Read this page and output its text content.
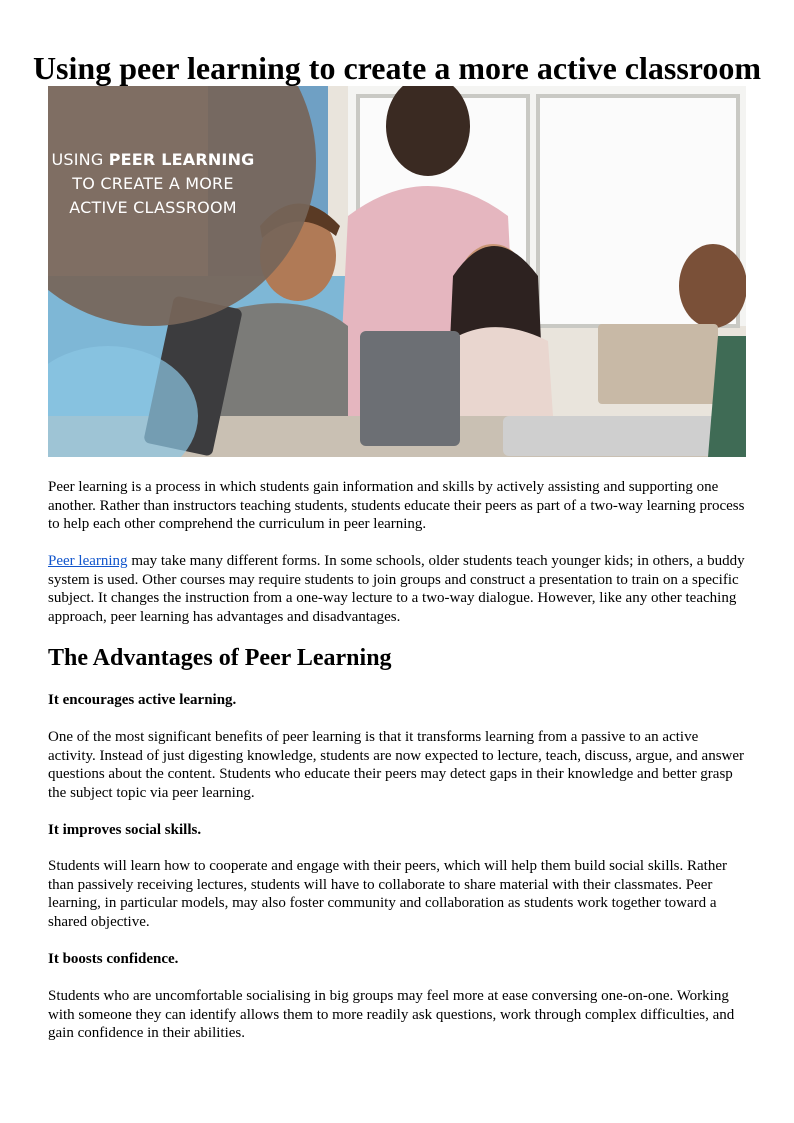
Using peer learning to create a more active classroom
USING PEER LEARNING
TO CREATE A MORE
ACTIVE CLASSROOM

Peer learning is a process in which students gain information and skills by actively assisting and supporting one another. Rather than instructors teaching students, students educate their peers as part of a two-way learning process to help each other comprehend the curriculum in peer learning.

Peer learning may take many different forms. In some schools, older students teach younger kids; in others, a buddy system is used. Other courses may require students to join groups and construct a presentation to train on a specific subject. It changes the instruction from a one-way lecture to a two-way dialogue. However, like any other teaching approach, peer learning has advantages and disadvantages.

The Advantages of Peer Learning
It encourages active learning.

One of the most significant benefits of peer learning is that it transforms learning from a passive to an active activity. Instead of just digesting knowledge, students are now expected to lecture, teach, discuss, argue, and answer questions about the content. Students who educate their peers may detect gaps in their knowledge and better grasp the subject topic via peer learning.

It improves social skills.

Students will learn how to cooperate and engage with their peers, which will help them build social skills. Rather than passively receiving lectures, students will have to collaborate to share material with their classmates. Peer learning, in particular models, may also foster community and collaboration as students work together toward a shared objective.

It boosts confidence.

Students who are uncomfortable socialising in big groups may feel more at ease conversing one-on-one. Working with someone they can identify allows them to more readily ask questions, work through complex difficulties, and gain confidence in their abilities.
